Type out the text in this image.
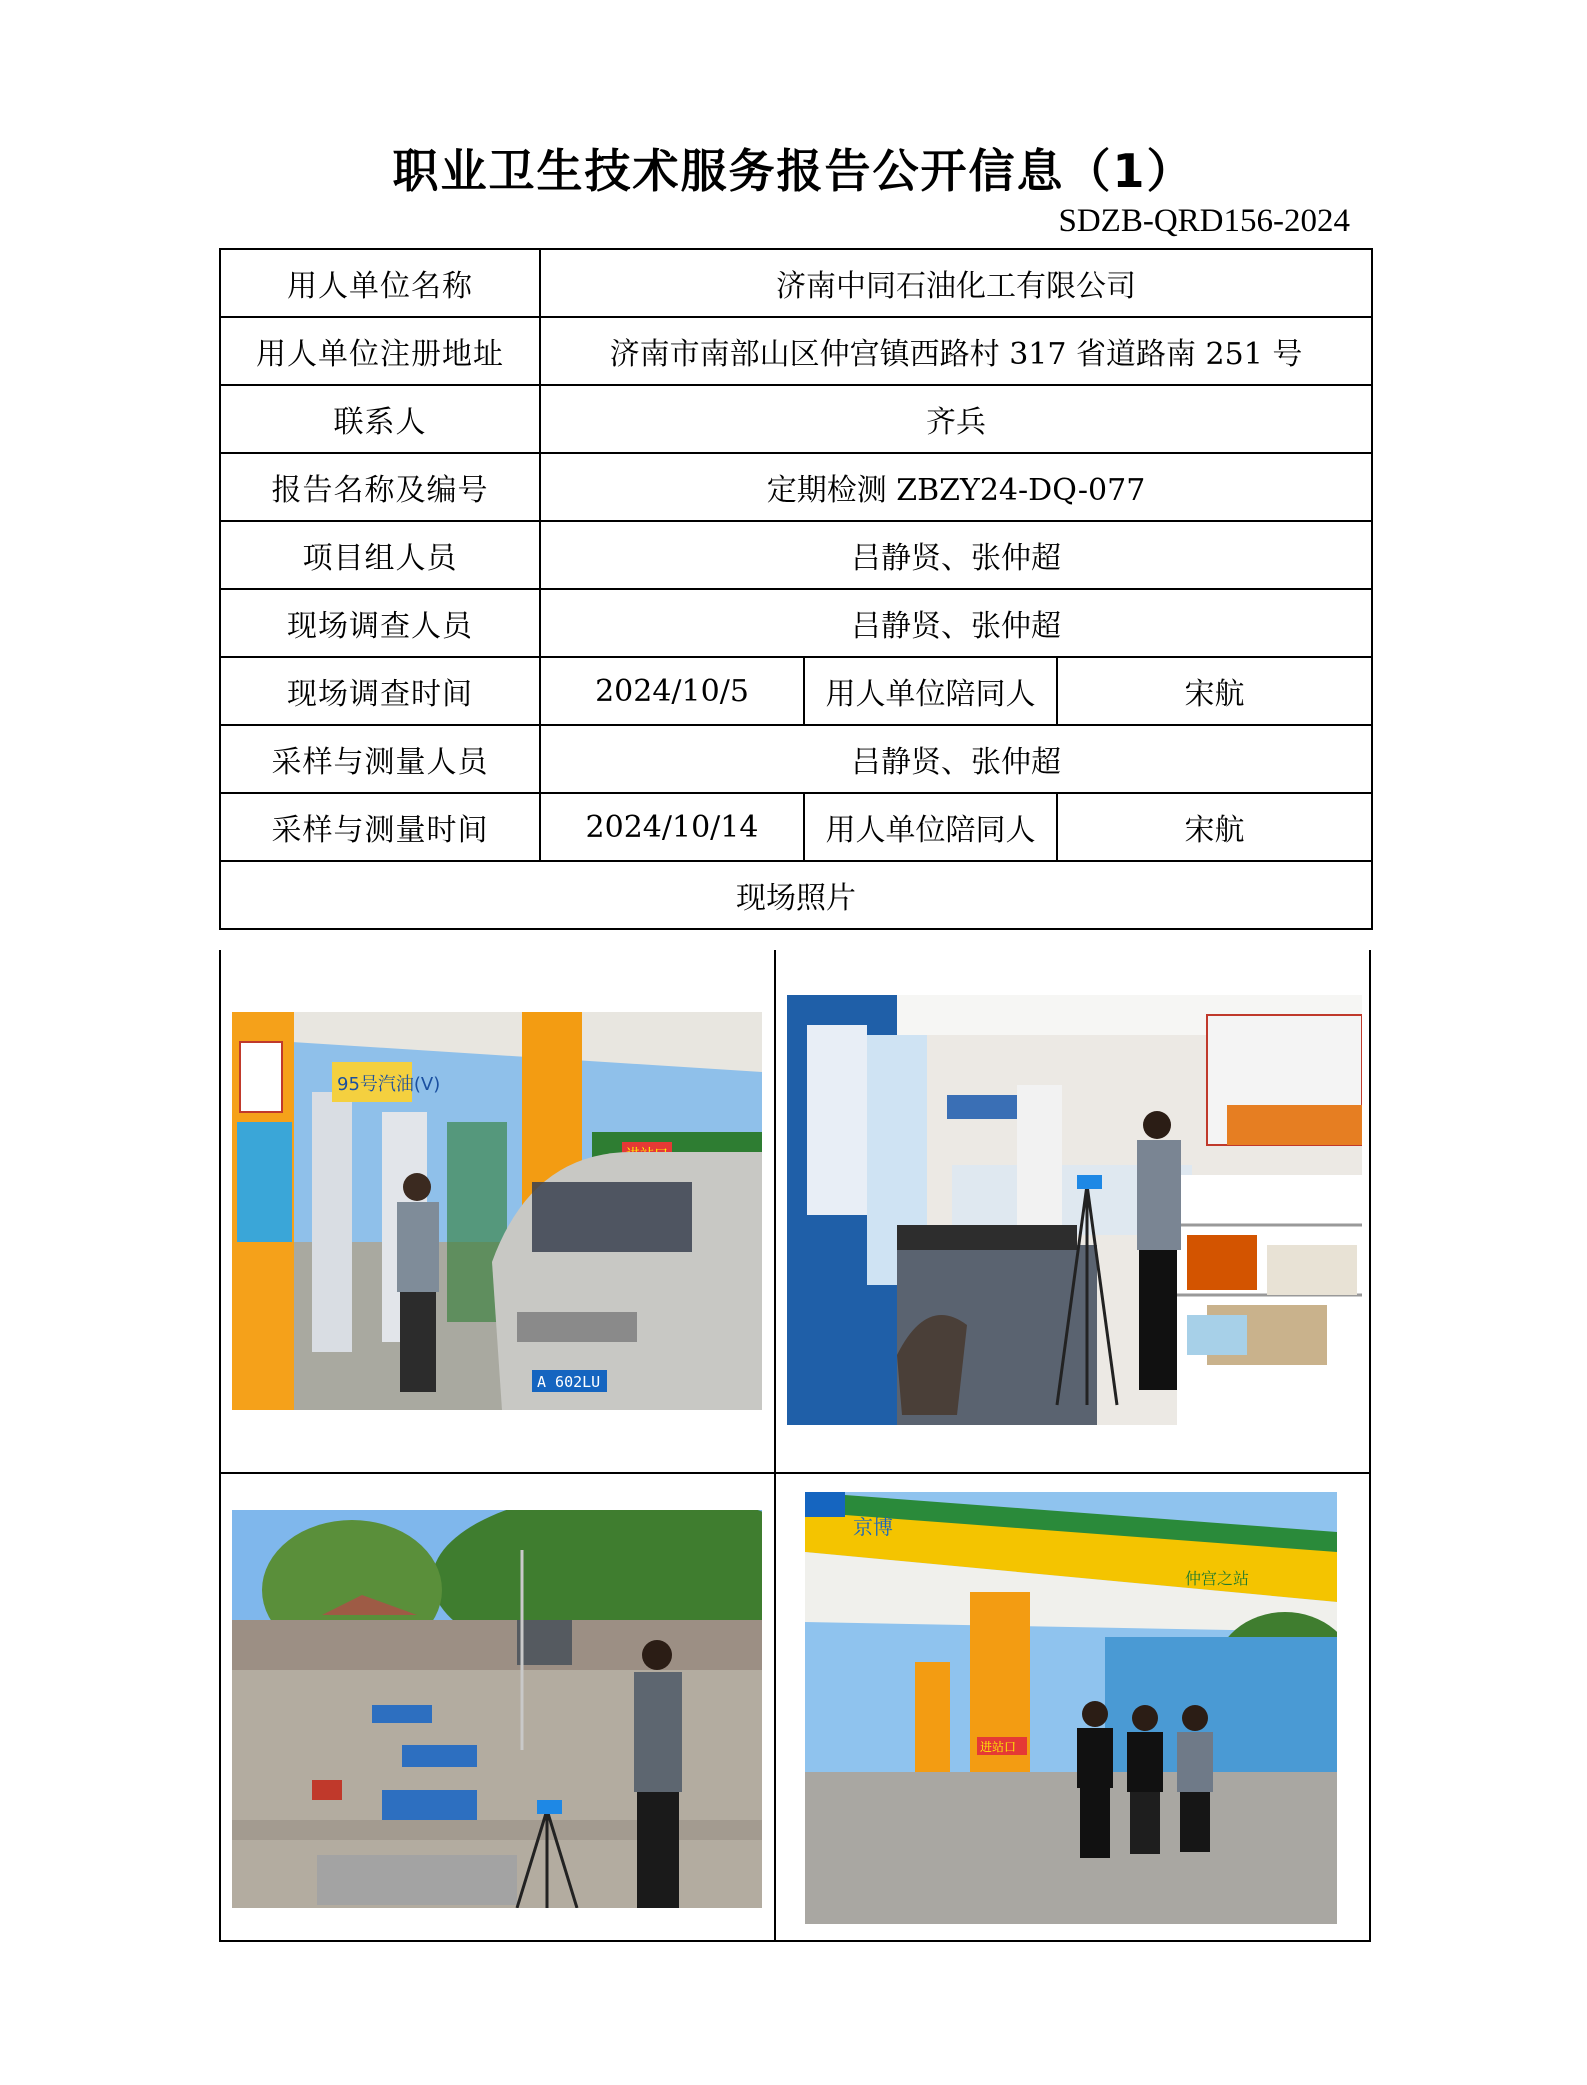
职业卫生技术服务报告公开信息（1）
SDZB-QRD156-2024
用人单位名称	济南中同石油化工有限公司		
用人单位注册地址	济南市南部山区仲宫镇西路村 317 省道路南 251 号		
联系人	齐兵		
报告名称及编号	定期检测 ZBZY24-DQ-077		
项目组人员	吕静贤、张仲超		
现场调查人员	吕静贤、张仲超		
现场调查时间	2024/10/5	用人单位陪同人	宋航
采样与测量人员	吕静贤、张仲超		
采样与测量时间	2024/10/14	用人单位陪同人	宋航
现场照片			
95号汽油(V)
A 602LU
京博
仲宫之站
进站口
